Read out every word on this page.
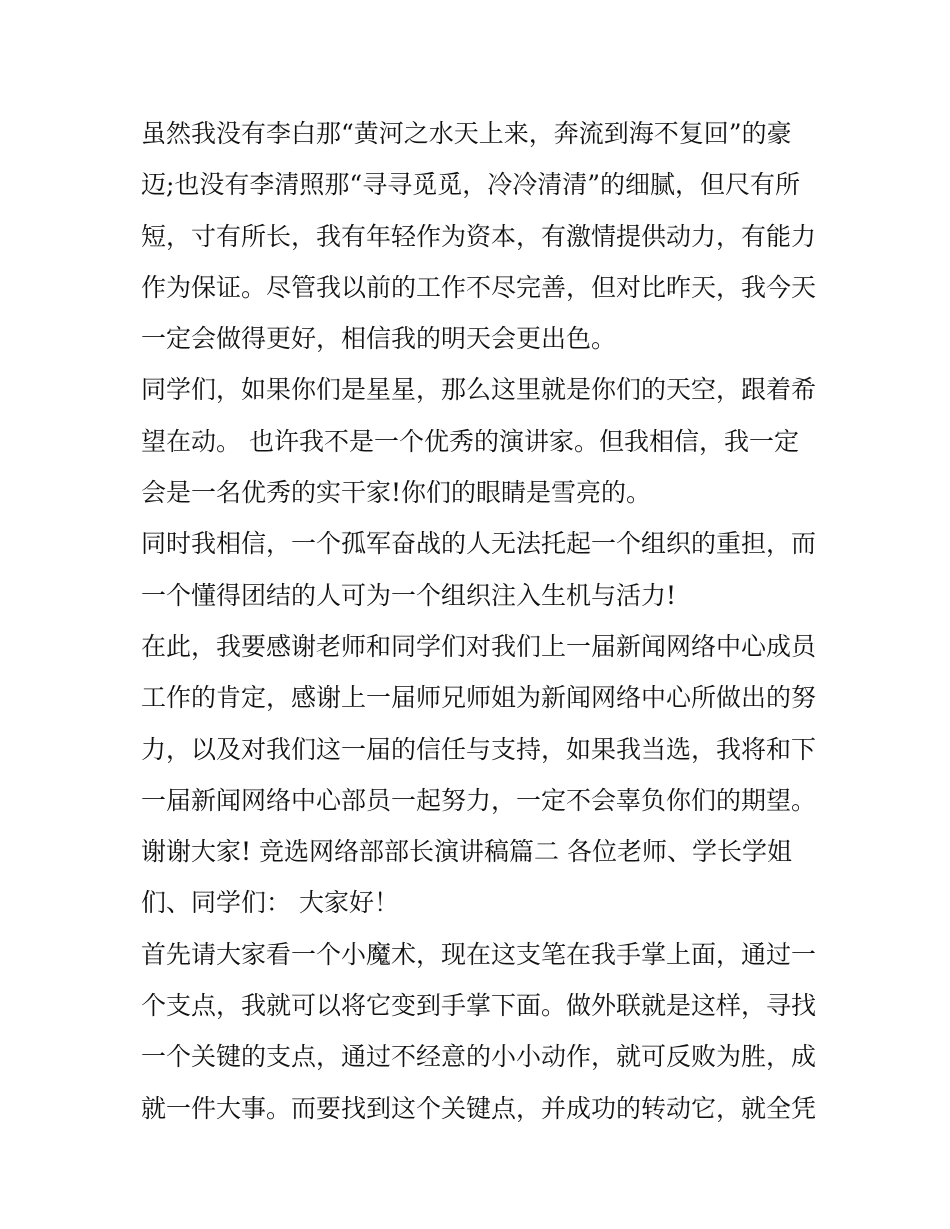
虽然我没有李白那“黄河之水天上来，奔流到海不复回”的豪
迈;也没有李清照那“寻寻觅觅，冷冷清清”的细腻，但尺有所
短，寸有所长，我有年轻作为资本，有激情提供动力，有能力
作为保证。尽管我以前的工作不尽完善，但对比昨天，我今天
一定会做得更好，相信我的明天会更出色。
同学们，如果你们是星星，那么这里就是你们的天空，跟着希
望在动。 也许我不是一个优秀的演讲家。但我相信，我一定
会是一名优秀的实干家!你们的眼睛是雪亮的。
同时我相信，一个孤军奋战的人无法托起一个组织的重担，而
一个懂得团结的人可为一个组织注入生机与活力!
在此，我要感谢老师和同学们对我们上一届新闻网络中心成员
工作的肯定，感谢上一届师兄师姐为新闻网络中心所做出的努
力，以及对我们这一届的信任与支持，如果我当选，我将和下
一届新闻网络中心部员一起努力，一定不会辜负你们的期望。
谢谢大家! 竞选网络部部长演讲稿篇二 各位老师、学长学姐
们、同学们： 大家好！
首先请大家看一个小魔术，现在这支笔在我手掌上面，通过一
个支点，我就可以将它变到手掌下面。做外联就是这样，寻找
一个关键的支点，通过不经意的小小动作，就可反败为胜，成
就一件大事。而要找到这个关键点，并成功的转动它，就全凭
